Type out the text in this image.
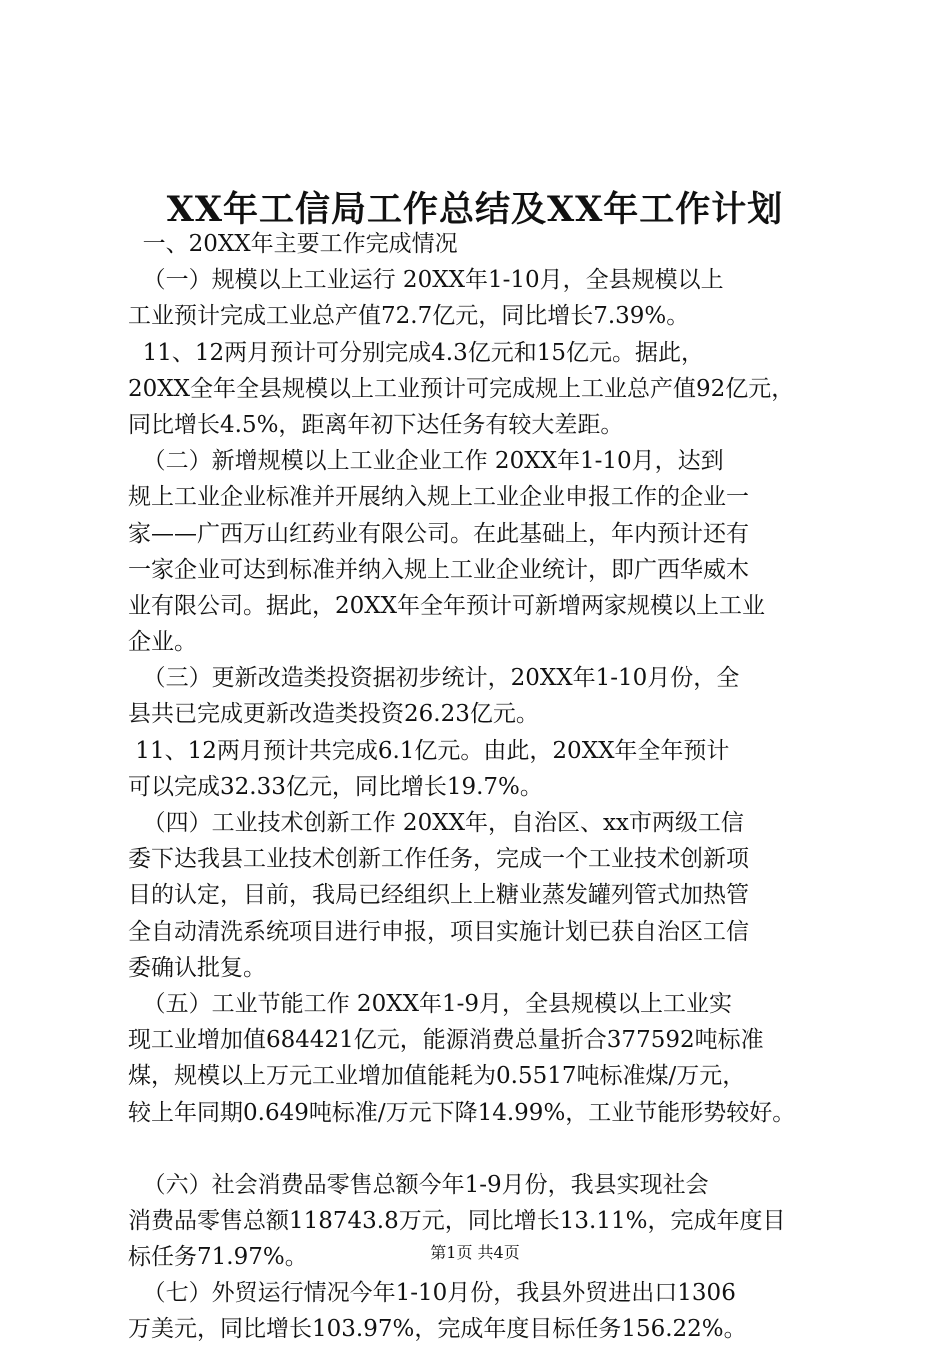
XX年工信局工作总结及XX年工作计划
一、20XX年主要工作完成情况
（一）规模以上工业运行 20XX年1-10月，全县规模以上
工业预计完成工业总产值72.7亿元，同比增长7.39%。
11、12两月预计可分别完成4.3亿元和15亿元。据此，
20XX全年全县规模以上工业预计可完成规上工业总产值92亿元，
同比增长4.5%，距离年初下达任务有较大差距。
（二）新增规模以上工业企业工作 20XX年1-10月，达到
规上工业企业标准并开展纳入规上工业企业申报工作的企业一
家——广西万山红药业有限公司。在此基础上，年内预计还有
一家企业可达到标准并纳入规上工业企业统计，即广西华威木
业有限公司。据此，20XX年全年预计可新增两家规模以上工业
企业。
（三）更新改造类投资据初步统计，20XX年1-10月份，全
县共已完成更新改造类投资26.23亿元。
11、12两月预计共完成6.1亿元。由此，20XX年全年预计
可以完成32.33亿元，同比增长19.7%。
（四）工业技术创新工作 20XX年，自治区、xx市两级工信
委下达我县工业技术创新工作任务，完成一个工业技术创新项
目的认定，目前，我局已经组织上上糖业蒸发罐列管式加热管
全自动清洗系统项目进行申报，项目实施计划已获自治区工信
委确认批复。
（五）工业节能工作 20XX年1-9月，全县规模以上工业实
现工业增加值684421亿元，能源消费总量折合377592吨标准
煤，规模以上万元工业增加值能耗为0.5517吨标准煤/万元，
较上年同期0.649吨标准/万元下降14.99%，工业节能形势较好。
（六）社会消费品零售总额今年1-9月份，我县实现社会
消费品零售总额118743.8万元，同比增长13.11%，完成年度目
标任务71.97%。
（七）外贸运行情况今年1-10月份，我县外贸进出口1306
万美元，同比增长103.97%，完成年度目标任务156.22%。
第1页 共4页
